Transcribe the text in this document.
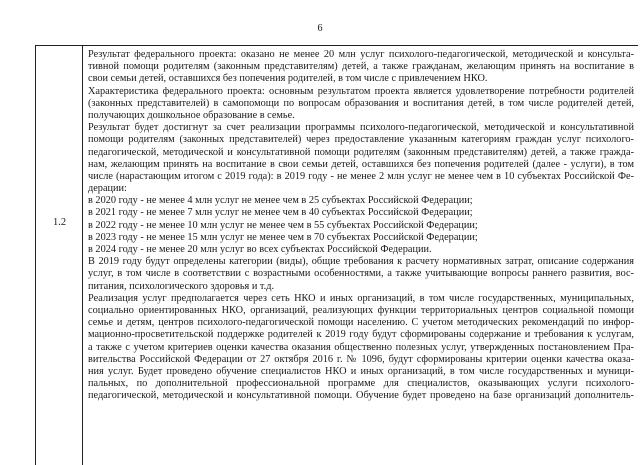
6
1.2
Результат федерального проекта: оказано не менее 20 млн услуг психолого-педагогической, методической и консульта-
тивной помощи родителям (законным представителям) детей, а также гражданам, желающим принять на воспитание в
свои семьи детей, оставшихся без попечения родителей, в том числе с привлечением НКО.
Характеристика федерального проекта: основным результатом проекта является удовлетворение потребности родителей
(законных представителей) в самопомощи по вопросам образования и воспитания детей, в том числе родителей детей,
получающих дошкольное образование в семье.
Результат будет достигнут за счет реализации программы психолого-педагогической, методической и консультативной
помощи родителям (законных представителей) через предоставление указанным категориям граждан услуг психолого-
педагогической, методической и консультативной помощи родителям (законным представителям) детей, а также гражда-
нам, желающим принять на воспитание в свои семьи детей, оставшихся без попечения родителей (далее - услуги), в том
числе (нарастающим итогом с 2019 года): в 2019 году - не менее 2 млн услуг не менее чем в 10 субъектах Российской Фе-
дерации:
в 2020 году - не менее 4 млн услуг не менее чем в 25 субъектах Российской Федерации;
в 2021 году - не менее 7 млн услуг не менее чем в 40 субъектах Российской Федерации;
в 2022 году - не менее 10 млн услуг не менее чем в 55 субъектах Российской Федерации;
в 2023 году - не менее 15 млн услуг не менее чем в 70 субъектах Российской Федерации;
в 2024 году - не менее 20 млн услуг во всех субъектах Российской Федерации.
В 2019 году будут определены категории (виды), общие требования к расчету нормативных затрат, описание содержания
услуг, в том числе в соответствии с возрастными особенностями, а также учитывающие вопросы раннего развития, вос-
питания, психологического здоровья и т.д.
Реализация услуг предполагается через сеть НКО и иных организаций, в том числе государственных, муниципальных,
социально ориентированных НКО, организаций, реализующих функции территориальных центров социальной помощи
семье и детям, центров психолого-педагогической помощи населению. С учетом методических рекомендаций по инфор-
мационно-просветительской поддержке родителей к 2019 году будут сформированы содержание и требования к услугам,
а также с учетом критериев оценки качества оказания общественно полезных услуг, утвержденных постановлением Пра-
вительства Российской Федерации от 27 октября 2016 г. № 1096, будут сформированы критерии оценки качества оказа-
ния услуг. Будет проведено обучение специалистов НКО и иных организаций, в том числе государственных и муници-
пальных, по дополнительной профессиональной программе для специалистов, оказывающих услуги психолого-
педагогической, методической и консультативной помощи. Обучение будет проведено на базе организаций дополнитель-
